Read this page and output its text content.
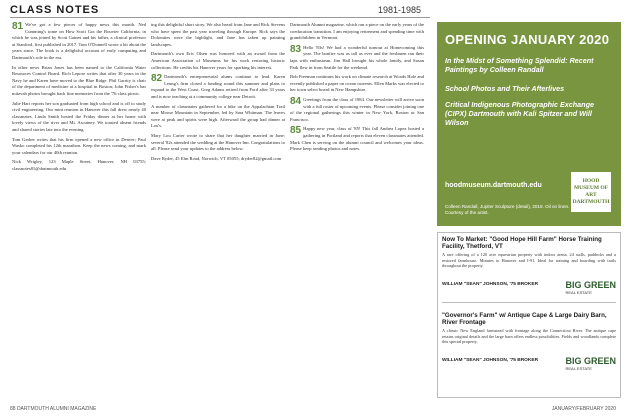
CLASS NOTES	1981-1985

81 We've got a few pieces of happy news this month. Ned Cumming's tome on How Scott Got the Bouvier California, in which he was joined by Scott Gaines and his father, a clinical professor at Stanford, first published in 2017. Tom O'Donnell wrote a bit about the years since. The book is a delightful account of early computing and Dartmouth's role in the era.

In other news Brian Jones has been named to the California Water Resources Control Board. Rich Lepore writes that after 30 years in the Navy he and Karen have moved to the Blue Ridge. Phil Garrity is chair of the department of medicine at a hospital in Boston; John Fisher's bar mitzvah photos brought back fine memories from the '76 class picnic.

Julie Hart reports her son graduated from high school and is off to study civil engineering. Our mini reunion in Hanover this fall drew nearly 40 classmates. Linda Smith hosted the Friday dinner at her home with lovely views of the river and Mt. Ascutney. We toasted absent friends and shared stories late into the evening.

Tom Gerber writes that his firm opened a new office in Denver; Paul Wasko completed his 12th marathon. Keep the news coming, and mark your calendars for our 40th reunion.

Nick Wrigley, 123 Maple Street, Hanover, NH 03755; classnotes81@dartmouth.edu

ing this delightful short story. We also heard from Jane and Rick Stevens who have spent the past year traveling through Europe. Rick says the Dolomites were the highlight, and Jane has taken up painting landscapes.

Dartmouth's own Eric Olsen was honored with an award from the American Association of Museums for his work restoring historic collections. He credits his Hanover years for sparking his interest.

82 Dartmouth's entrepreneurial alums continue to lead. Karen Leung's firm closed a funding round this summer and plans to expand to the West Coast. Greg Adams retired from Ford after 33 years and is now teaching at a community college near Detroit.

A number of classmates gathered for a hike on the Appalachian Trail near Moose Mountain in September, led by Sara Whitman. The leaves were at peak and spirits were high. Afterward the group had dinner at Lou's.

Mary Lou Carter wrote to share that her daughter married in June; several '82s attended the wedding at the Hanover Inn. Congratulations to all. Please send your updates to the address below.

Dave Ryder, 45 Elm Road, Norwich, VT 05055; dryder82@gmail.com

Dartmouth Alumni magazine, which ran a piece on the early years of the coeducation transition. I am enjoying retirement and spending time with grandchildren in Vermont.

83 Hello '83s! We had a wonderful turnout at Homecoming this year. The bonfire was as tall as ever and the freshmen ran their laps with enthusiasm. Jim Hall brought his whole family, and Susan Park flew in from Seattle for the weekend.

Bob Freeman continues his work on climate research at Woods Hole and recently published a paper on ocean currents. Ellen Marks was elected to her town select board in New Hampshire.

84 Greetings from the class of 1984. Our newsletter will arrive soon with a full roster of upcoming events. Please consider joining one of the regional gatherings this winter in New York, Boston or San Francisco.

85 Happy new year, class of '85! This fall Andrea Lopez hosted a gathering in Portland and reports that eleven classmates attended. Mark Chen is serving on the alumni council and welcomes your ideas. Please keep sending photos and notes.

OPENING JANUARY 2020
In the Midst of Something Splendid: Recent Paintings by Colleen Randall
School Photos and Their Afterlives
Critical Indigenous Photographic Exchange (CIPX) Dartmouth with Kali Spitzer and Will Wilson
hoodmuseum.dartmouth.edu
Colleen Randall, Jupiter Sculpture (detail), 2018. Oil on linen. Courtesy of the artist.
HOOD MUSEUM OF ART DARTMOUTH
Now To Market: "Good Hope Hill Farm" Horse Training Facility, Thetford, VT
A rare offering of a 120 acre equestrian property with indoor arena, 24 stalls, paddocks and a restored farmhouse. Minutes to Hanover and I-91. Ideal for training and boarding with trails throughout the property.
WILLIAM "SEAN" JOHNSON, '75 BROKER	BIG GREEN
REAL ESTATE
"Governor's Farm" w/ Antique Cape & Large Dairy Barn, River Frontage
A classic New England farmstead with frontage along the Connecticut River. The antique cape retains original details and the large barn offers endless possibilities. Fields and woodlands complete this special property.
WILLIAM "SEAN" JOHNSON, '75 BROKER	BIG GREEN
REAL ESTATE
88 DARTMOUTH ALUMNI MAGAZINE	JANUARY/FEBRUARY 2020
